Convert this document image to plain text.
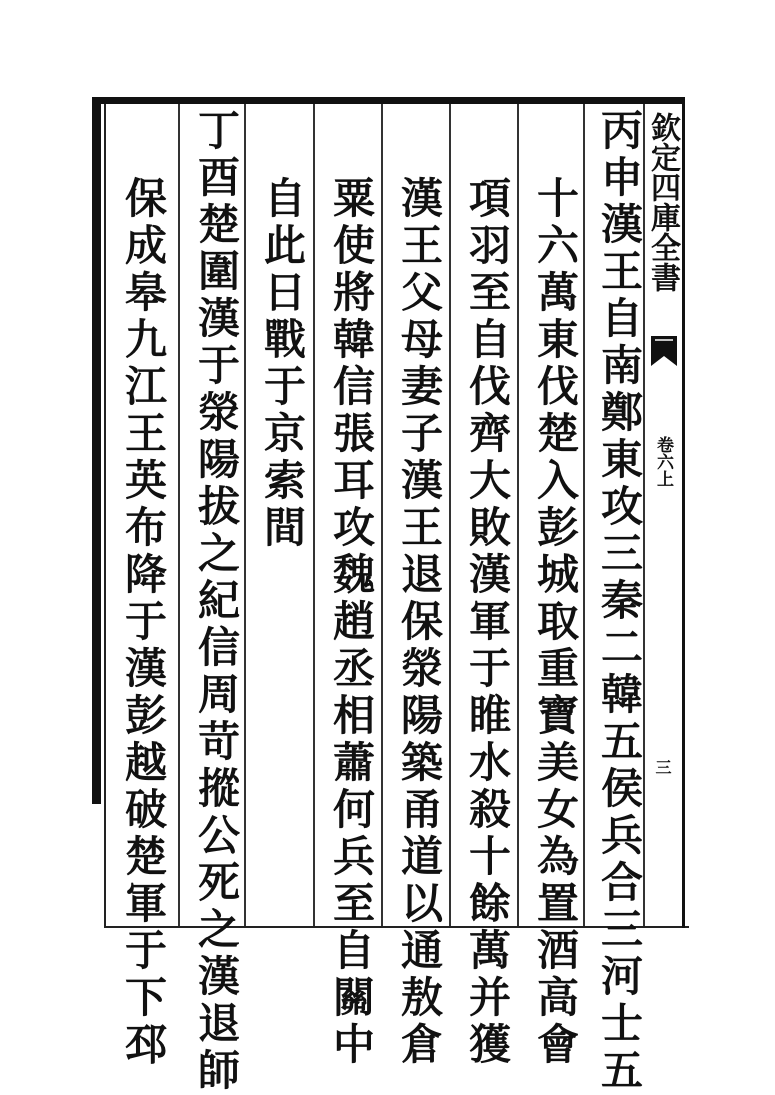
欽定四庫全書
卷六上
三
丙申漢王自南鄭東攻三秦二韓五侯兵合三河士五
十六萬東伐楚入彭城取重寶美女為置酒高會
項羽至自伐齊大敗漢軍于睢水殺十餘萬并獲
漢王父母妻子漢王退保滎陽築甬道以通敖倉
粟使將韓信張耳攻魏趙丞相蕭何兵至自關中
自此日戰于京索間
丁酉楚圍漢于滎陽拔之紀信周苛摐公死之漢退師
保成皋九江王英布降于漢彭越破楚軍于下邳
